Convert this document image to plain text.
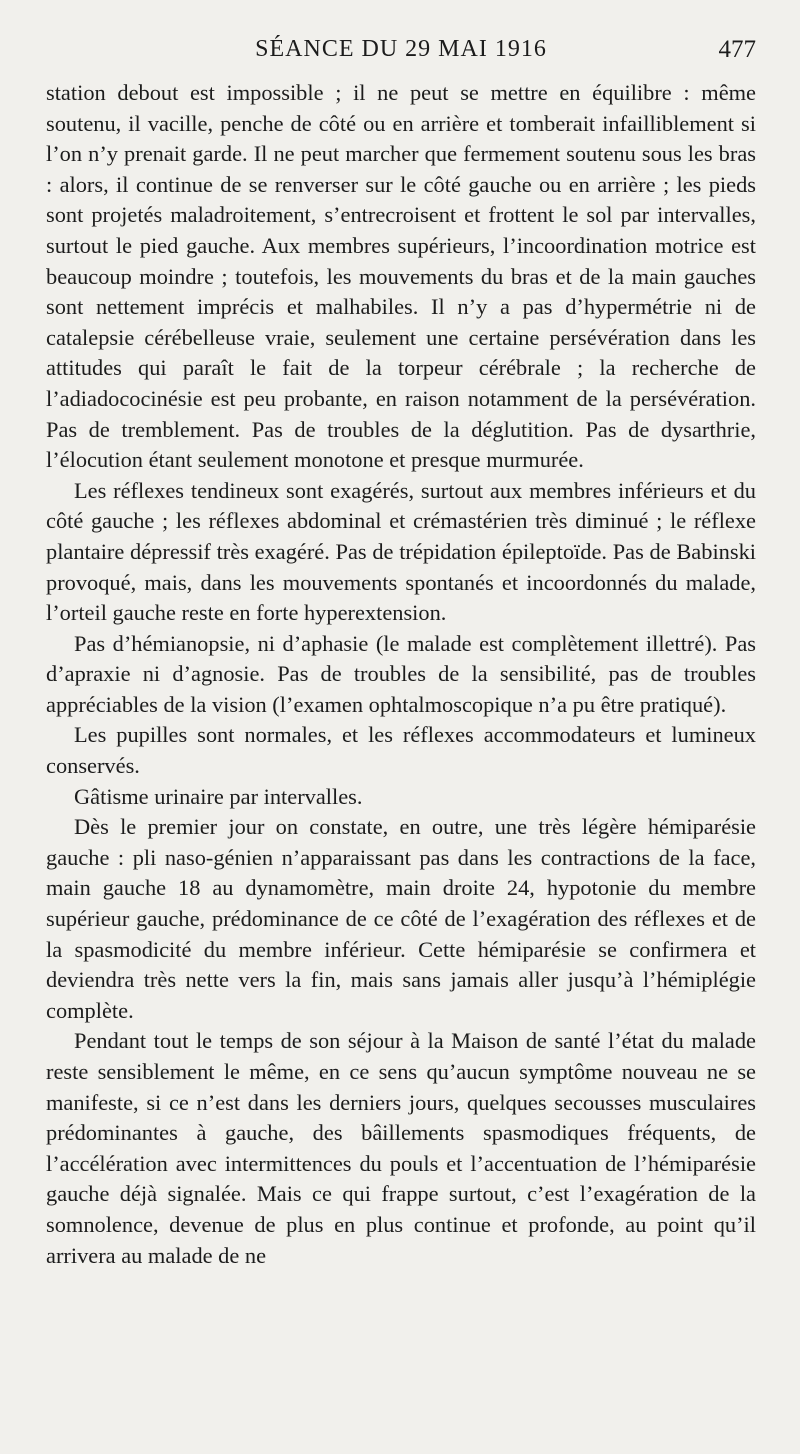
SÉANCE DU 29 MAI 1916	477

station debout est impossible ; il ne peut se mettre en équilibre : même soutenu, il vacille, penche de côté ou en arrière et tomberait infailliblement si l’on n’y prenait garde. Il ne peut marcher que fermement soutenu sous les bras : alors, il continue de se renverser sur le côté gauche ou en arrière ; les pieds sont projetés maladroitement, s’entrecroisent et frottent le sol par intervalles, surtout le pied gauche. Aux membres supérieurs, l’incoordination motrice est beaucoup moindre ; toutefois, les mouvements du bras et de la main gauches sont nettement imprécis et malhabiles. Il n’y a pas d’hypermétrie ni de catalepsie cérébelleuse vraie, seulement une certaine persévération dans les attitudes qui paraît le fait de la torpeur cérébrale ; la recherche de l’adiadococinésie est peu probante, en raison notamment de la persévération. Pas de tremblement. Pas de troubles de la déglutition. Pas de dysarthrie, l’élocution étant seulement monotone et presque murmurée.

Les réflexes tendineux sont exagérés, surtout aux membres inférieurs et du côté gauche ; les réflexes abdominal et crémastérien très diminué ; le réflexe plantaire dépressif très exagéré. Pas de trépidation épileptoïde. Pas de Babinski provoqué, mais, dans les mouvements spontanés et incoordonnés du malade, l’orteil gauche reste en forte hyperextension.

Pas d’hémianopsie, ni d’aphasie (le malade est complètement illettré). Pas d’apraxie ni d’agnosie. Pas de troubles de la sensibilité, pas de troubles appréciables de la vision (l’examen ophtalmoscopique n’a pu être pratiqué).

Les pupilles sont normales, et les réflexes accommodateurs et lumineux conservés.

Gâtisme urinaire par intervalles.

Dès le premier jour on constate, en outre, une très légère hémiparésie gauche : pli naso-génien n’apparaissant pas dans les contractions de la face, main gauche 18 au dynamomètre, main droite 24, hypotonie du membre supérieur gauche, prédominance de ce côté de l’exagération des réflexes et de la spasmodicité du membre inférieur. Cette hémiparésie se confirmera et deviendra très nette vers la fin, mais sans jamais aller jusqu’à l’hémiplégie complète.

Pendant tout le temps de son séjour à la Maison de santé l’état du malade reste sensiblement le même, en ce sens qu’aucun symptôme nouveau ne se manifeste, si ce n’est dans les derniers jours, quelques secousses musculaires prédominantes à gauche, des bâillements spasmodiques fréquents, de l’accélération avec intermittences du pouls et l’accentuation de l’hémiparésie gauche déjà signalée. Mais ce qui frappe surtout, c’est l’exagération de la somnolence, devenue de plus en plus continue et profonde, au point qu’il arrivera au malade de ne
